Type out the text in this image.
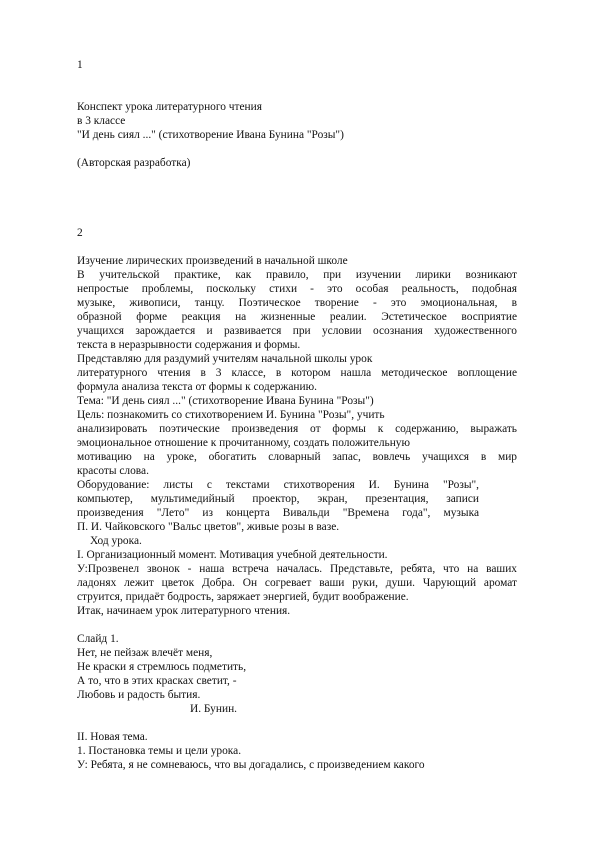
1
Конспект урока литературного чтения
в 3 классе
"И день сиял ..." (стихотворение Ивана Бунина "Розы")
(Авторская разработка)
2
Изучение лирических произведений в начальной школе
В учительской практике, как правило, при изучении лирики возникают
непростые проблемы, поскольку стихи - это особая реальность, подобная
музыке, живописи, танцу. Поэтическое творение - это эмоциональная, в
образной форме реакция на жизненные реалии. Эстетическое восприятие
учащихся зарождается и развивается при условии осознания художественного
текста в неразрывности содержания и формы.
Представляю для раздумий учителям начальной школы урок
литературного чтения в 3 классе, в котором нашла методическое воплощение
формула анализа текста от формы к содержанию.
Тема: "И день сиял ..." (стихотворение Ивана Бунина "Розы")
Цель: познакомить со стихотворением И. Бунина "Розы", учить
анализировать поэтические произведения от формы к содержанию, выражать
эмоциональное отношение к прочитанному, создать положительную
мотивацию на уроке, обогатить словарный запас, вовлечь учащихся в мир
красоты слова.
Оборудование: листы с текстами стихотворения И. Бунина "Розы",
компьютер, мультимедийный проектор, экран, презентация, записи
произведения "Лето" из концерта Вивальди "Времена года", музыка
П. И. Чайковского "Вальс цветов", живые розы в вазе.
Ход урока.
I. Организационный момент. Мотивация учебной деятельности.
У:Прозвенел звонок - наша встреча началась. Представьте, ребята, что на ваших
ладонях лежит цветок Добра. Он согревает ваши руки, души. Чарующий аромат
струится, придаёт бодрость, заряжает энергией, будит воображение.
Итак, начинаем урок литературного чтения.
Слайд 1.
Нет, не пейзаж влечёт меня,
Не краски я стремлюсь подметить,
А то, что в этих красках светит, -
Любовь и радость бытия.
И. Бунин.
II. Новая тема.
1. Постановка темы и цели урока.
У: Ребята, я не сомневаюсь, что вы догадались, с произведением какого
